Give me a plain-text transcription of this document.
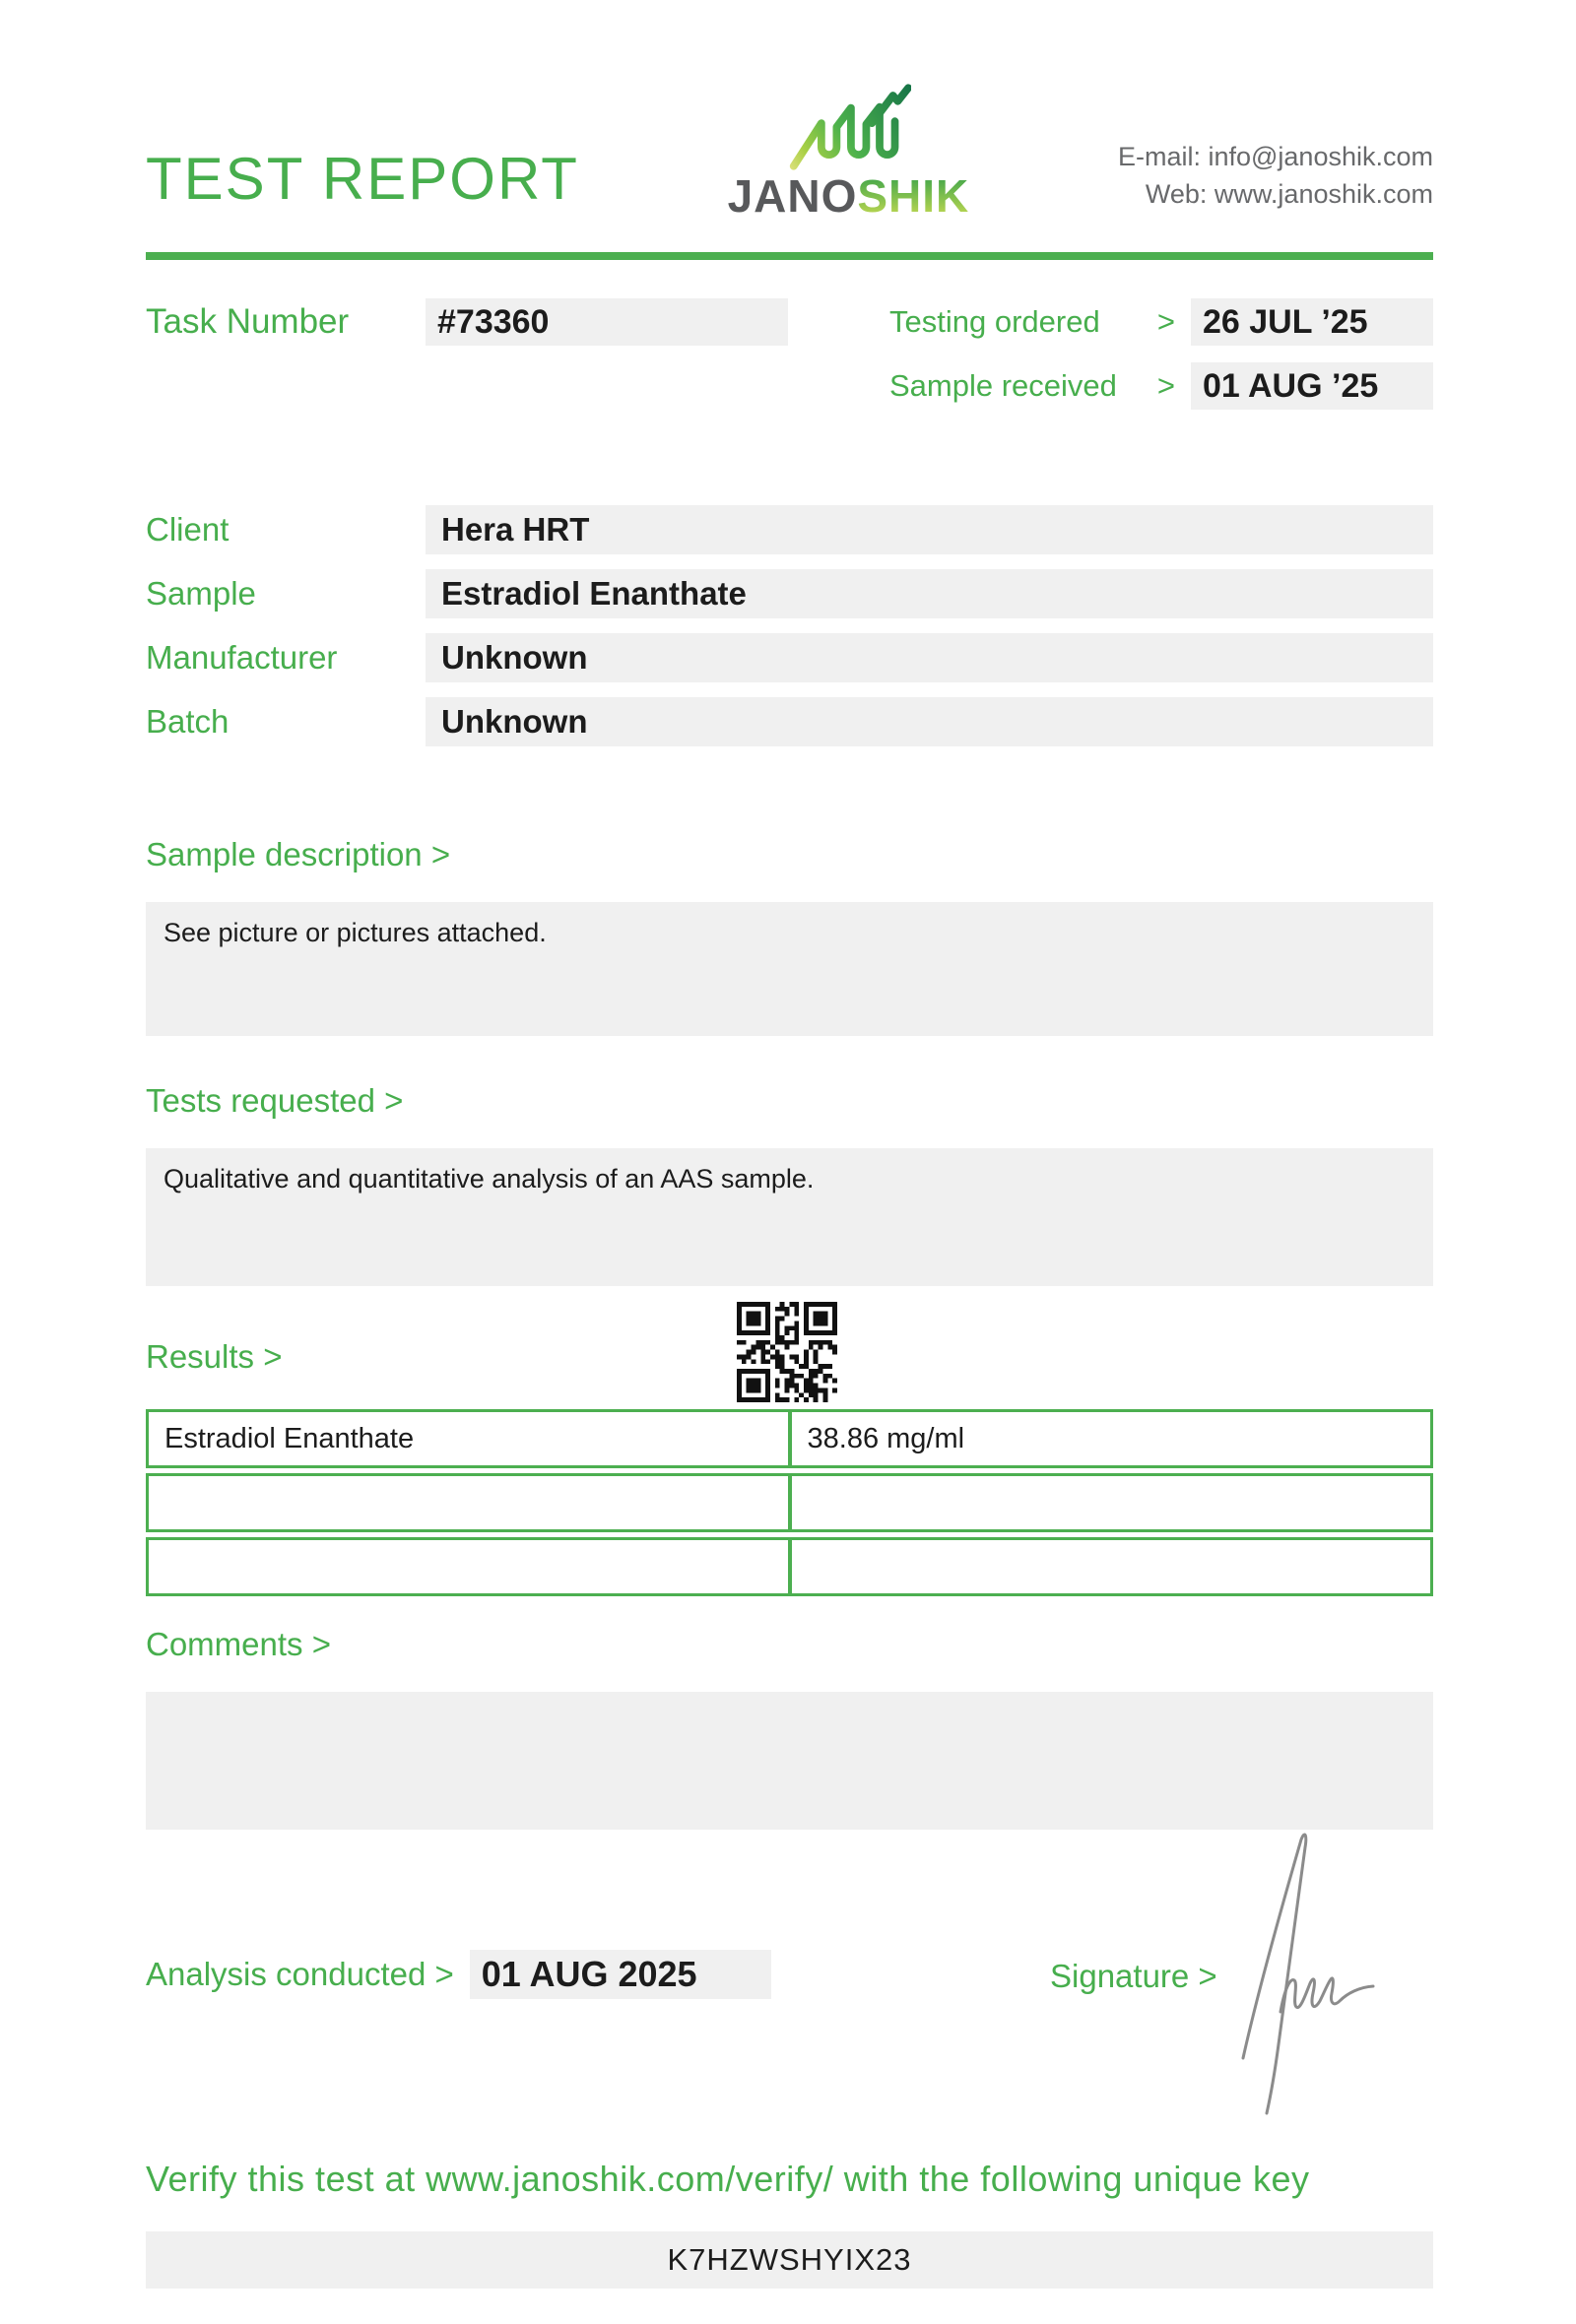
TEST REPORT	JANOSHIK
E-mail: info@janoshik.com
Web: www.janoshik.com
Task Number	#73360	Testing ordered	> 26 JUL ’25
Sample received	> 01 AUG ’25
Client	Hera HRT
Sample	Estradiol Enanthate
Manufacturer	Unknown
Batch	Unknown
Sample description >
See picture or pictures attached.
Tests requested >
Qualitative and quantitative analysis of an AAS sample.
Results >
Estradiol Enanthate	38.86 mg/ml

Comments >
Analysis conducted > 01 AUG 2025	Signature >
Verify this test at www.janoshik.com/verify/ with the following unique key
K7HZWSHYIX23
